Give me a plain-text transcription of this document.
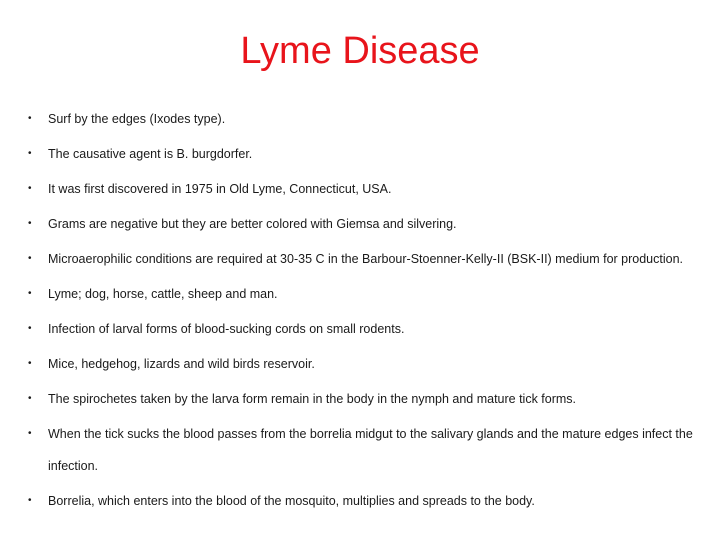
Lyme Disease
• Surf by the edges (Ixodes type).
• The causative agent is B. burgdorfer.
• It was first discovered in 1975 in Old Lyme, Connecticut, USA.
• Grams are negative but they are better colored with Giemsa and silvering.
• Microaerophilic conditions are required at 30-35 C in the Barbour-Stoenner-Kelly-II (BSK-II) medium for production.
• Lyme; dog, horse, cattle, sheep and man.
• Infection of larval forms of blood-sucking cords on small rodents.
• Mice, hedgehog, lizards and wild birds reservoir.
• The spirochetes taken by the larva form remain in the body in the nymph and mature tick forms.
• When the tick sucks the blood passes from the borrelia midgut to the salivary glands and the mature edges infect the infection.
• Borrelia, which enters into the blood of the mosquito, multiplies and spreads to the body.
